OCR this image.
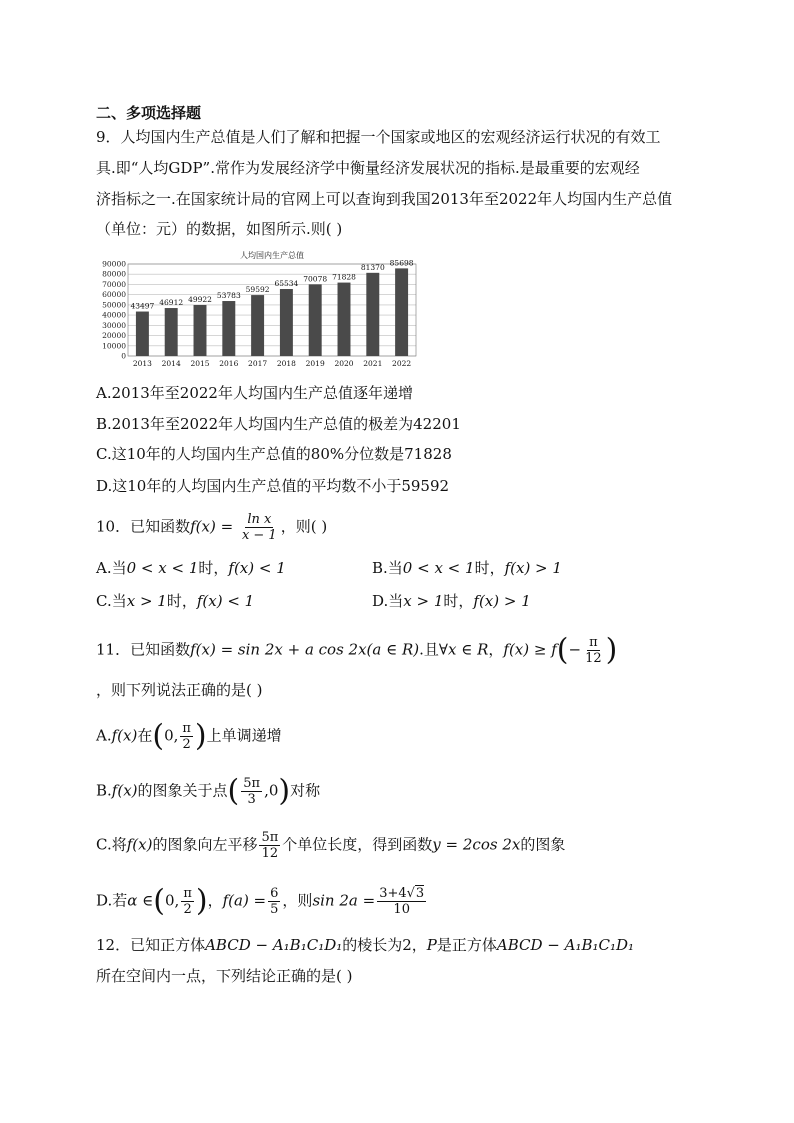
二、多项选择题
9．人均国内生产总值是人们了解和把握一个国家或地区的宏观经济运行状况的有效工
具.即“人均GDP”.常作为发展经济学中衡量经济发展状况的指标.是最重要的宏观经
济指标之一.在国家统计局的官网上可以查询到我国2013年至2022年人均国内生产总值
（单位：元）的数据，如图所示.则( )
人均国内生产总值
0
10000
20000
30000
40000
50000
60000
70000
80000
90000
43497
2013
46912
2014
49922
2015
53783
2016
59592
2017
65534
2018
70078
2019
71828
2020
81370
2021
85698
2022
A.2013年至2022年人均国内生产总值逐年递增
B.2013年至2022年人均国内生产总值的极差为42201
C.这10年的人均国内生产总值的80%分位数是71828
D.这10年的人均国内生产总值的平均数不小于59592
10．已知函数$f(x) = \frac{\text{ln x}}{x - 1}$ ，则( )
A.当0 < x < 1时，f(x) < 1	B.当0 < x < 1时，f(x) > 1
C.当x > 1时，f(x) < 1	D.当x > 1时，f(x) > 1
11．已知函数f(x) = sin 2x + a cos 2x(a ∈ R).且∀x ∈ R，$f(x) \ge f(- \frac{\pi}{12}$ )
，则下列说法正确的是( )
A.f(x)在(0, $\frac{\pi}{2}$ )上单调递增
B.f(x)的图象关于点( $\frac{5\pi}{3} ,0$)对称
C.将f(x)的图象向左平移 $\frac{5\pi}{12}$ 个单位长度，得到函数y = 2cos 2x的图象
D.若α ∈(0, $\frac{\pi}{2}$ )，$f(a) = \frac{6}{5}$ ，则$\sin 2a = \frac{3+4√3}{10}$
12．已知正方体ABCD − A₁B₁C₁D₁的棱长为2，P是正方体ABCD − A₁B₁C₁D₁
所在空间内一点，下列结论正确的是( )
